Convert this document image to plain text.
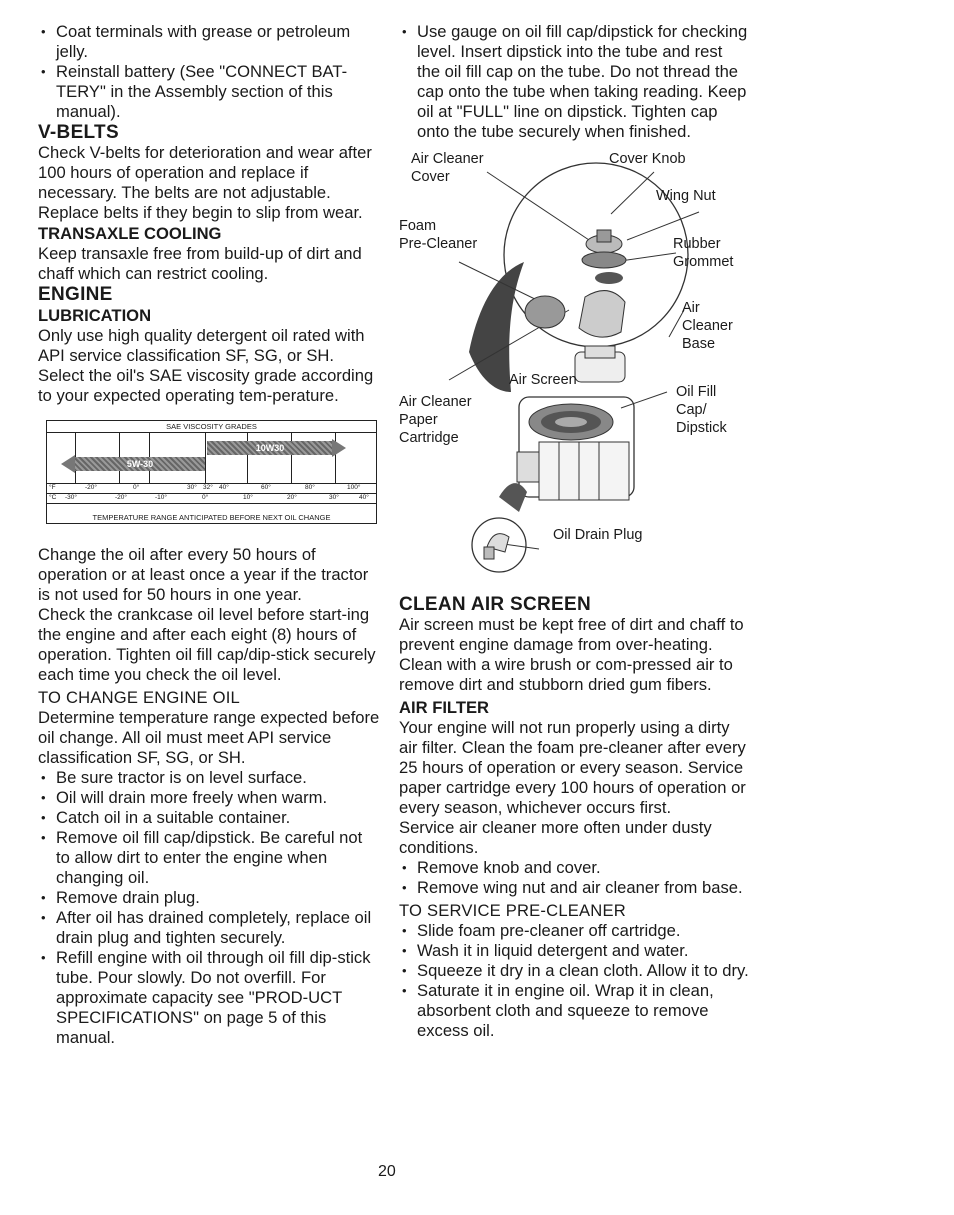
• Coat terminals with grease or petroleum jelly.
• Reinstall battery (See "CONNECT BAT-TERY" in the Assembly section of this manual).
V-BELTS

Check V-belts for deterioration and wear after 100 hours of operation and replace if necessary. The belts are not adjustable. Replace belts if they begin to slip from wear.

TRANSAXLE COOLING

Keep transaxle free from build-up of dirt and chaff which can restrict cooling.

ENGINE
LUBRICATION

Only use high quality detergent oil rated with API service classification SF, SG, or SH. Select the oil's SAE viscosity grade according to your expected operating tem-perature.

SAE VISCOSITY GRADES
10W30
5W-30
°F	-20°	0°	30° 32° 40°	60°	80°	100°
°C -30°	-20°	-10°	0°	10°	20°	30°	40°
TEMPERATURE RANGE ANTICIPATED BEFORE NEXT OIL CHANGE

Change the oil after every 50 hours of operation or at least once a year if the tractor is not used for 50 hours in one year.

Check the crankcase oil level before start-ing the engine and after each eight (8) hours of operation. Tighten oil fill cap/dip-stick securely each time you check the oil level.

TO CHANGE ENGINE OIL

Determine temperature range expected before oil change. All oil must meet API service classification SF, SG, or SH.

• Be sure tractor is on level surface.
• Oil will drain more freely when warm.
• Catch oil in a suitable container.
• Remove oil fill cap/dipstick. Be careful not to allow dirt to enter the engine when changing oil.
• Remove drain plug.
• After oil has drained completely, replace oil drain plug and tighten securely.
• Refill engine with oil through oil fill dip-stick tube. Pour slowly. Do not overfill. For approximate capacity see "PROD-UCT SPECIFICATIONS" on page 5 of this manual.
• Use gauge on oil fill cap/dipstick for checking level. Insert dipstick into the tube and rest the oil fill cap on the tube. Do not thread the cap onto the tube when taking reading. Keep oil at "FULL" line on dipstick. Tighten cap onto the tube securely when finished.
Air Cleaner
Cover
Cover Knob
Wing Nut
Foam
Pre-Cleaner	Rubber
Grommet
Air
Cleaner
Base
Air Screen
Oil Fill
Cap/
Dipstick
Air Cleaner
Paper
Cartridge
Oil Drain Plug
CLEAN AIR SCREEN

Air screen must be kept free of dirt and chaff to prevent engine damage from over-heating. Clean with a wire brush or com-pressed air to remove dirt and stubborn dried gum fibers.

AIR FILTER

Your engine will not run properly using a dirty air filter. Clean the foam pre-cleaner after every 25 hours of operation or every season. Service paper cartridge every 100 hours of operation or every season, whichever occurs first.

Service air cleaner more often under dusty conditions.

• Remove knob and cover.
• Remove wing nut and air cleaner from base.
TO SERVICE PRE-CLEANER
• Slide foam pre-cleaner off cartridge.
• Wash it in liquid detergent and water.
• Squeeze it dry in a clean cloth. Allow it to dry.
• Saturate it in engine oil. Wrap it in clean, absorbent cloth and squeeze to remove excess oil.
20
